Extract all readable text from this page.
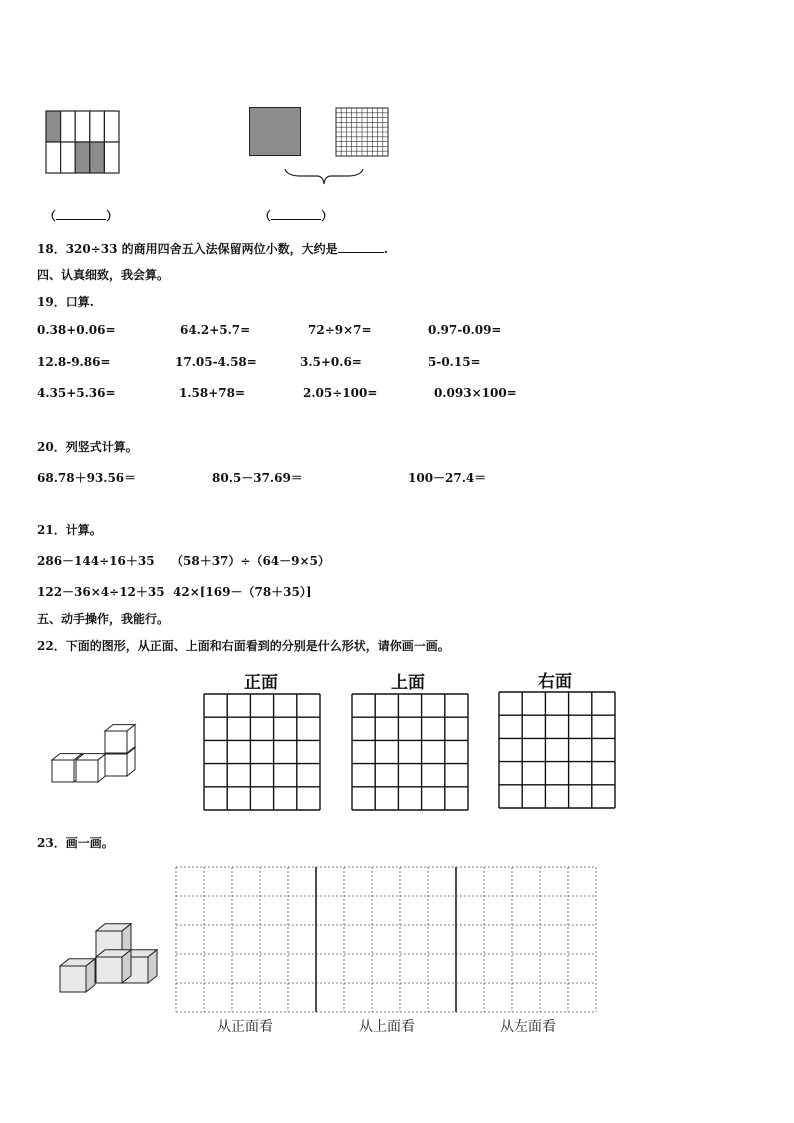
（	）	（	）
18．320÷33 的商用四舍五入法保留两位小数，大约是	.
四、认真细致，我会算。
19．口算.
0.38+0.06=	64.2+5.7=	72÷9×7=	0.97-0.09=
12.8-9.86=	17.05-4.58=	3.5+0.6=	5-0.15=
4.35+5.36=	1.58+78=	2.05÷100=	0.093×100=
20．列竖式计算。
68.78＋93.56＝	80.5－37.69＝	100－27.4＝
21．计算。
286－144÷16＋35 （58＋37）÷（64－9×5）
122－36×4÷12＋35 42×[169－（78＋35）]
五、动手操作，我能行。
22．下面的图形，从正面、上面和右面看到的分别是什么形状，请你画一画。
正面	上面	右面
23．画一画。
从正面看	从上面看	从左面看
